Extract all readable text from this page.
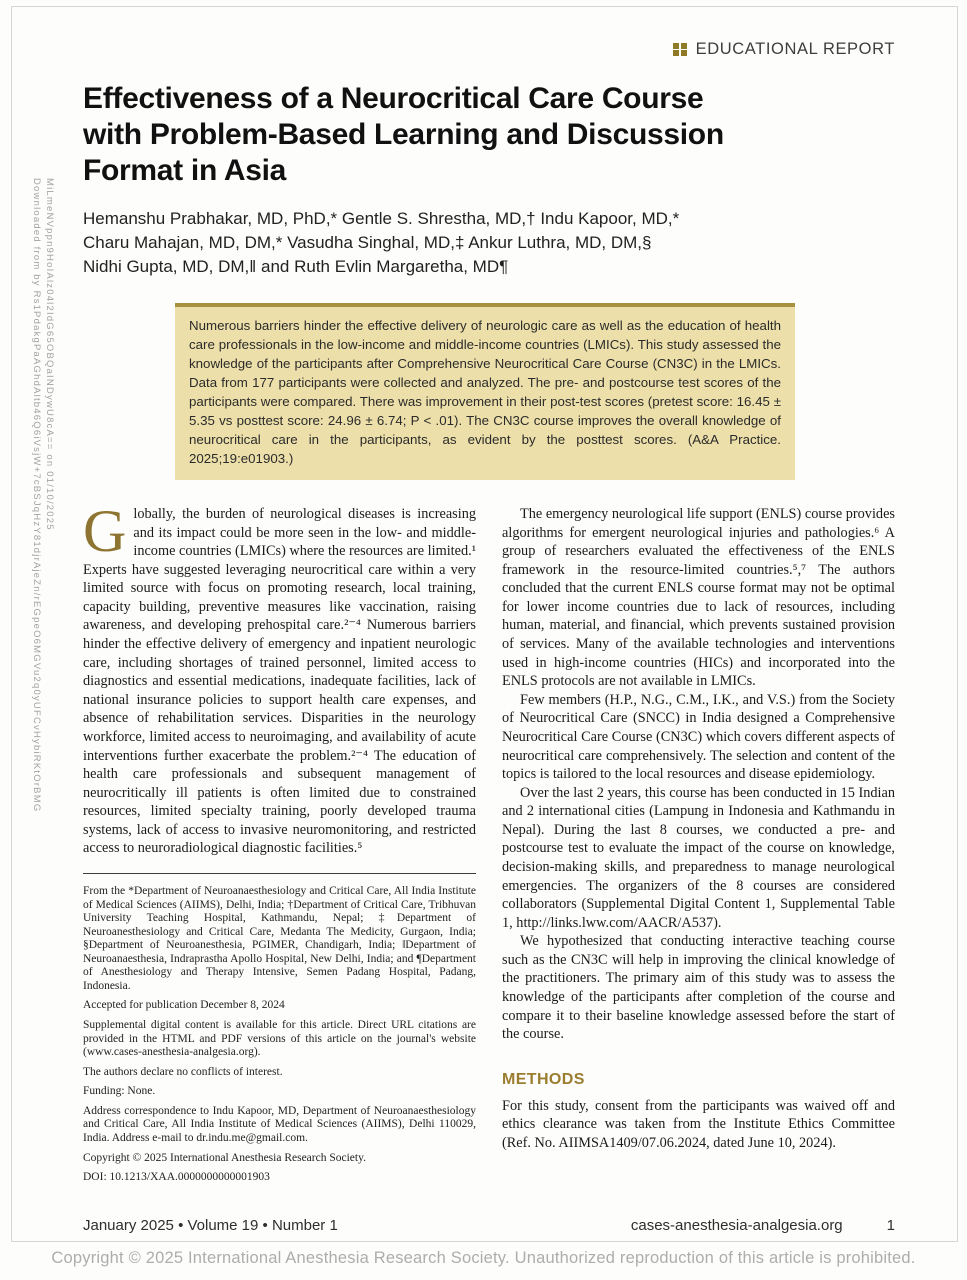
Downloaded from by Rs1PdakgPaAGhdAltb46Q6iVsjW+7cBSJqHzY81djrAjeZn/rEGpeO6MGVu2q0yUFCvHybiRKtOrBMG MiLmeNVppn9HoIAlz04l2IdG65OBQaINDywU8cA== on 01/10/2025
EDUCATIONAL REPORT
Effectiveness of a Neurocritical Care Course
with Problem-Based Learning and Discussion
Format in Asia
Hemanshu Prabhakar, MD, PhD,* Gentle S. Shrestha, MD,† Indu Kapoor, MD,*
Charu Mahajan, MD, DM,* Vasudha Singhal, MD,‡ Ankur Luthra, MD, DM,§
Nidhi Gupta, MD, DM,‖ and Ruth Evlin Margaretha, MD¶
Numerous barriers hinder the effective delivery of neurologic care as well as the education of health care professionals in the low-income and middle-income countries (LMICs). This study assessed the knowledge of the participants after Comprehensive Neurocritical Care Course (CN3C) in the LMICs. Data from 177 participants were collected and analyzed. The pre- and postcourse test scores of the participants were compared. There was improvement in their post-test scores (pretest score: 16.45 ± 5.35 vs posttest score: 24.96 ± 6.74; P < .01). The CN3C course improves the overall knowledge of neurocritical care in the participants, as evident by the posttest scores. (A&A Practice. 2025;19:e01903.)

Globally, the burden of neurological diseases is increasing and its impact could be more seen in the low- and middle-income countries (LMICs) where the resources are limited.¹ Experts have suggested leveraging neurocritical care within a very limited source with focus on promoting research, local training, capacity building, preventive measures like vaccination, raising awareness, and developing prehospital care.²⁻⁴ Numerous barriers hinder the effective delivery of emergency and inpatient neurologic care, including shortages of trained personnel, limited access to diagnostics and essential medications, inadequate facilities, lack of national insurance policies to support health care expenses, and absence of rehabilitation services. Disparities in the neurology workforce, limited access to neuroimaging, and availability of acute interventions further exacerbate the problem.²⁻⁴ The education of health care professionals and subsequent management of neurocritically ill patients is often limited due to constrained resources, limited specialty training, poorly developed trauma systems, lack of access to invasive neuromonitoring, and restricted access to neuroradiological diagnostic facilities.⁵

From the *Department of Neuroanaesthesiology and Critical Care, All India Institute of Medical Sciences (AIIMS), Delhi, India; †Department of Critical Care, Tribhuvan University Teaching Hospital, Kathmandu, Nepal; ‡Department of Neuroanesthesiology and Critical Care, Medanta The Medicity, Gurgaon, India; §Department of Neuroanesthesia, PGIMER, Chandigarh, India; ‖Department of Neuroanaesthesia, Indraprastha Apollo Hospital, New Delhi, India; and ¶Department of Anesthesiology and Therapy Intensive, Semen Padang Hospital, Padang, Indonesia.

Accepted for publication December 8, 2024

Supplemental digital content is available for this article. Direct URL citations are provided in the HTML and PDF versions of this article on the journal's website (www.cases-anesthesia-analgesia.org).

The authors declare no conflicts of interest.

Funding: None.

Address correspondence to Indu Kapoor, MD, Department of Neuroanaesthesiology and Critical Care, All India Institute of Medical Sciences (AIIMS), Delhi 110029, India. Address e-mail to dr.indu.me@gmail.com.

Copyright © 2025 International Anesthesia Research Society.

DOI: 10.1213/XAA.0000000000001903

The emergency neurological life support (ENLS) course provides algorithms for emergent neurological injuries and pathologies.⁶ A group of researchers evaluated the effectiveness of the ENLS framework in the resource-limited countries.⁵,⁷ The authors concluded that the current ENLS course format may not be optimal for lower income countries due to lack of resources, including human, material, and financial, which prevents sustained provision of services. Many of the available technologies and interventions used in high-income countries (HICs) and incorporated into the ENLS protocols are not available in LMICs.

Few members (H.P., N.G., C.M., I.K., and V.S.) from the Society of Neurocritical Care (SNCC) in India designed a Comprehensive Neurocritical Care Course (CN3C) which covers different aspects of neurocritical care comprehensively. The selection and content of the topics is tailored to the local resources and disease epidemiology.

Over the last 2 years, this course has been conducted in 15 Indian and 2 international cities (Lampung in Indonesia and Kathmandu in Nepal). During the last 8 courses, we conducted a pre- and postcourse test to evaluate the impact of the course on knowledge, decision-making skills, and preparedness to manage neurological emergencies. The organizers of the 8 courses are considered collaborators (Supplemental Digital Content 1, Supplemental Table 1, http://links.lww.com/AACR/A537).

We hypothesized that conducting interactive teaching course such as the CN3C will help in improving the clinical knowledge of the practitioners. The primary aim of this study was to assess the knowledge of the participants after completion of the course and compare it to their baseline knowledge assessed before the start of the course.

METHODS

For this study, consent from the participants was waived off and ethics clearance was taken from the Institute Ethics Committee (Ref. No. AIIMSA1409/07.06.2024, dated June 10, 2024).

January 2025 • Volume 19 • Number 1	cases-anesthesia-analgesia.org	1
Copyright © 2025 International Anesthesia Research Society. Unauthorized reproduction of this article is prohibited.
